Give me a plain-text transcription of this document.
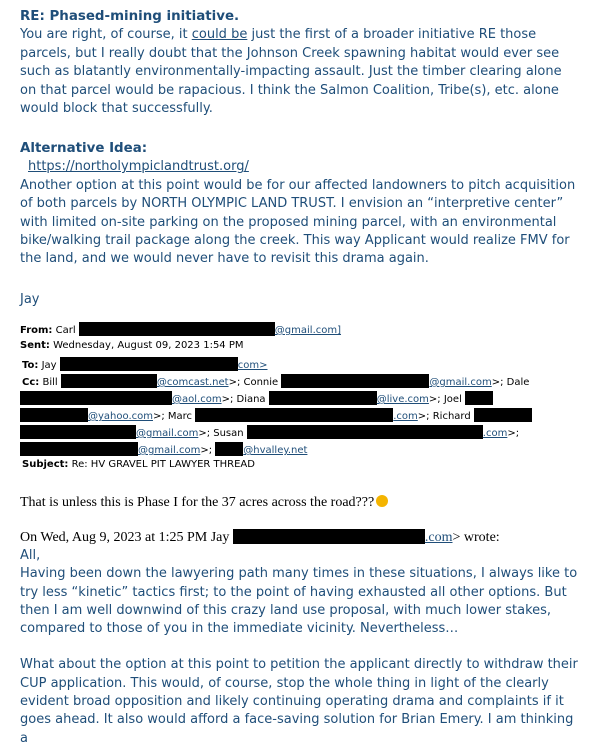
RE: Phased-mining initiative.

You are right, of course, it could be just the first of a broader initiative RE those parcels, but I really doubt that the Johnson Creek spawning habitat would ever see such as blatantly environmentally-impacting assault. Just the timber clearing alone on that parcel would be rapacious. I think the Salmon Coalition, Tribe(s), etc. alone would block that successfully.

Alternative Idea:

https://northolympiclandtrust.org/

Another option at this point would be for our affected landowners to pitch acquisition of both parcels by NORTH OLYMPIC LAND TRUST. I envision an “interpretive center” with limited on-site parking on the proposed mining parcel, with an environmental bike/walking trail package along the creek. This way Applicant would realize FMV for the land, and we would never have to revisit this drama again.

Jay

From: Carl	@gmail.com]
Sent: Wednesday, August 09, 2023 1:54 PM
To: Jay	com>
Cc: Bill	@comcast.net>; Connie	@gmail.com>; Dale
@aol.com>; Diana	@live.com>; Joel
@yahoo.com>; Marc	.com>; Richard
@gmail.com>; Susan	.com>;
@gmail.com>;	@hvalley.net
Subject: Re: HV GRAVEL PIT LAWYER THREAD
That is unless this is Phase I for the 37 acres across the road???
On Wed, Aug 9, 2023 at 1:25 PM Jay	.com> wrote:

All,

Having been down the lawyering path many times in these situations, I always like to try less “kinetic” tactics first; to the point of having exhausted all other options. But then I am well downwind of this crazy land use proposal, with much lower stakes, compared to those of you in the immediate vicinity. Nevertheless…

What about the option at this point to petition the applicant directly to withdraw their CUP application. This would, of course, stop the whole thing in light of the clearly evident broad opposition and likely continuing operating drama and complaints if it goes ahead. It also would afford a face-saving solution for Brian Emery. I am thinking a
